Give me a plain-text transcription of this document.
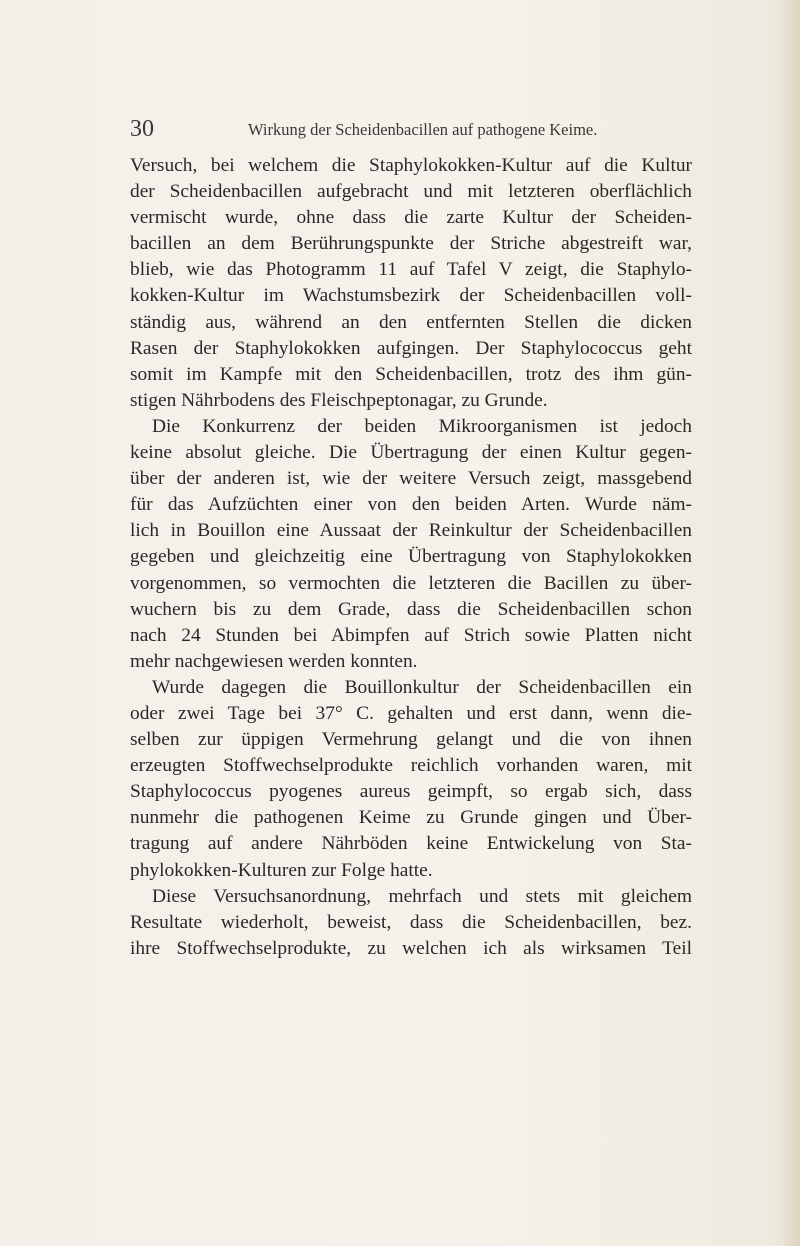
30	Wirkung der Scheidenbacillen auf pathogene Keime.
Versuch, bei welchem die Staphylokokken-Kultur auf die Kultur
der Scheidenbacillen aufgebracht und mit letzteren oberflächlich
vermischt wurde, ohne dass die zarte Kultur der Scheiden-
bacillen an dem Berührungspunkte der Striche abgestreift war,
blieb, wie das Photogramm 11 auf Tafel V zeigt, die Staphylo-
kokken-Kultur im Wachstumsbezirk der Scheidenbacillen voll-
ständig aus, während an den entfernten Stellen die dicken
Rasen der Staphylokokken aufgingen. Der Staphylococcus geht
somit im Kampfe mit den Scheidenbacillen, trotz des ihm gün-
stigen Nährbodens des Fleischpeptonagar, zu Grunde.
Die Konkurrenz der beiden Mikroorganismen ist jedoch
keine absolut gleiche. Die Übertragung der einen Kultur gegen-
über der anderen ist, wie der weitere Versuch zeigt, massgebend
für das Aufzüchten einer von den beiden Arten. Wurde näm-
lich in Bouillon eine Aussaat der Reinkultur der Scheidenbacillen
gegeben und gleichzeitig eine Übertragung von Staphylokokken
vorgenommen, so vermochten die letzteren die Bacillen zu über-
wuchern bis zu dem Grade, dass die Scheidenbacillen schon
nach 24 Stunden bei Abimpfen auf Strich sowie Platten nicht
mehr nachgewiesen werden konnten.
Wurde dagegen die Bouillonkultur der Scheidenbacillen ein
oder zwei Tage bei 37° C. gehalten und erst dann, wenn die-
selben zur üppigen Vermehrung gelangt und die von ihnen
erzeugten Stoffwechselprodukte reichlich vorhanden waren, mit
Staphylococcus pyogenes aureus geimpft, so ergab sich, dass
nunmehr die pathogenen Keime zu Grunde gingen und Über-
tragung auf andere Nährböden keine Entwickelung von Sta-
phylokokken-Kulturen zur Folge hatte.
Diese Versuchsanordnung, mehrfach und stets mit gleichem
Resultate wiederholt, beweist, dass die Scheidenbacillen, bez.
ihre Stoffwechselprodukte, zu welchen ich als wirksamen Teil
